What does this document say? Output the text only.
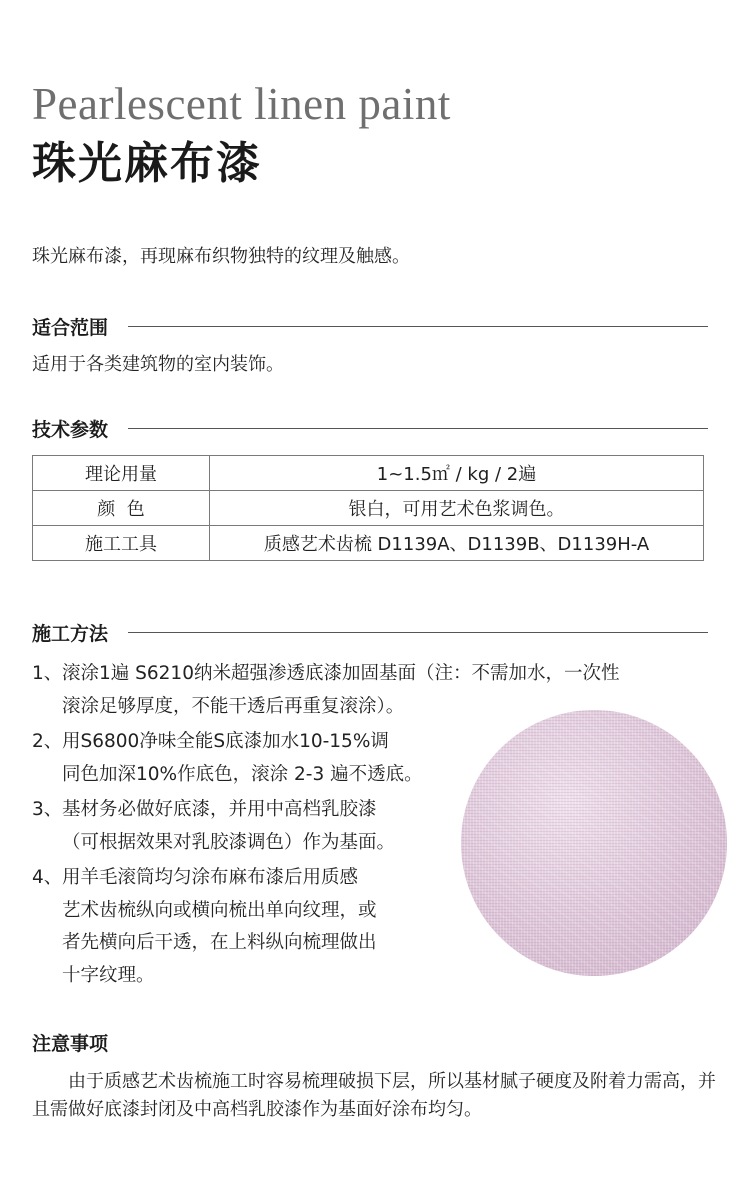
Pearlescent linen paint
珠光麻布漆
珠光麻布漆，再现麻布织物独特的纹理及触感。
适合范围
适用于各类建筑物的室内装饰。
技术参数
理论用量	1~1.5㎡ / kg / 2遍
颜  色	银白，可用艺术色浆调色。
施工工具	质感艺术齿梳 D1139A、D1139B、D1139H-A
施工方法
1、 滚涂1遍 S6210纳米超强渗透底漆加固基面（注：不需加水，一次性
滚涂足够厚度，不能干透后再重复滚涂）。
2、 用S6800净味全能S底漆加水10-15%调
同色加深10%作底色，滚涂 2-3 遍不透底。
3、 基材务必做好底漆，并用中高档乳胶漆
（可根据效果对乳胶漆调色）作为基面。
4、 用羊毛滚筒均匀涂布麻布漆后用质感
艺术齿梳纵向或横向梳出单向纹理，或
者先横向后干透，在上料纵向梳理做出
十字纹理。
注意事项

由于质感艺术齿梳施工时容易梳理破损下层，所以基材腻子硬度及附着力需高，并且需做好底漆封闭及中高档乳胶漆作为基面好涂布均匀。
